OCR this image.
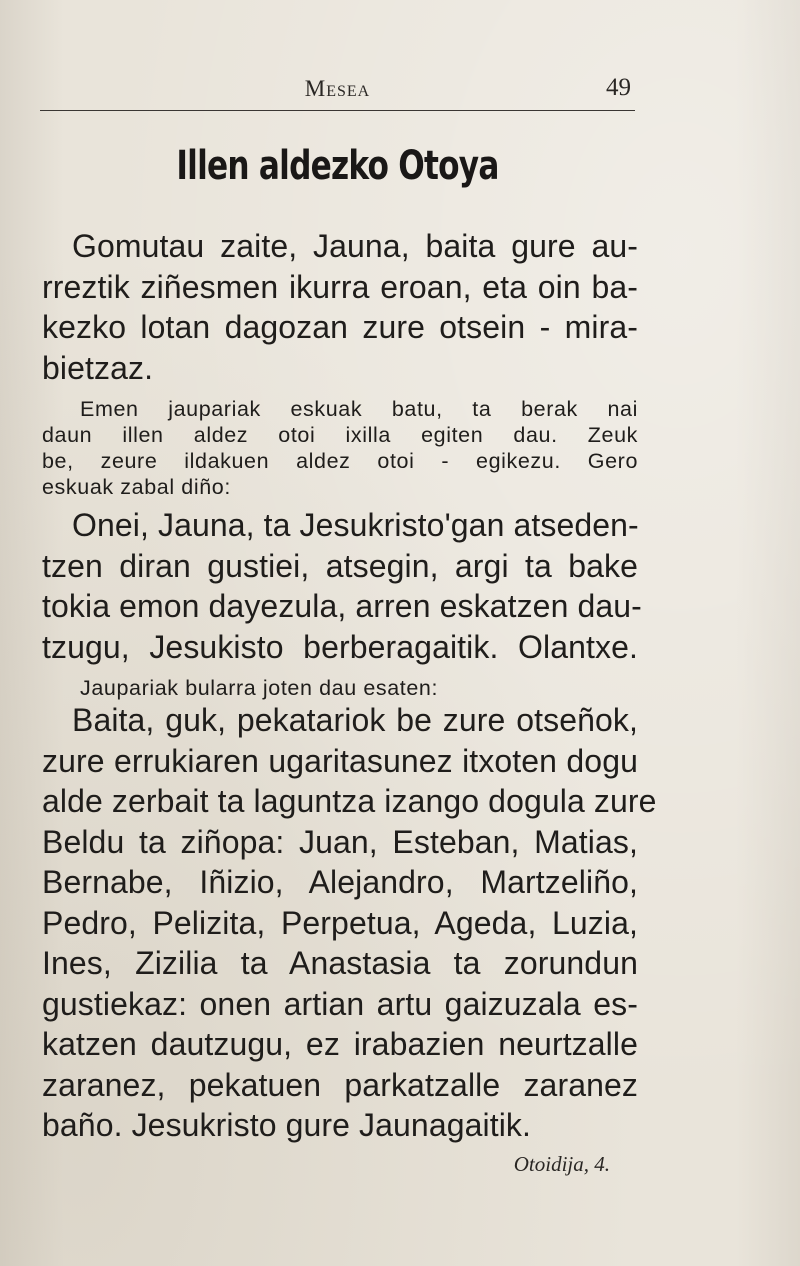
Mesea	49
Illen aldezko Otoya

Gomutau zaite, Jauna, baita gure au-
rreztik ziñesmen ikurra eroan, eta oin ba-
kezko lotan dagozan zure otsein - mira-
bietzaz.

Emen jaupariak eskuak batu, ta berak nai
daun illen aldez otoi ixilla egiten dau. Zeuk
be, zeure ildakuen aldez otoi - egikezu. Gero
eskuak zabal diño:

Onei, Jauna, ta Jesukristo'gan atseden-
tzen diran gustiei, atsegin, argi ta bake
tokia emon dayezula, arren eskatzen dau-
tzugu, Jesukisto berberagaitik. Olantxe.

Jaupariak bularra joten dau esaten:

Baita, guk, pekatariok be zure otseñok,
zure errukiaren ugaritasunez itxoten dogu
alde zerbait ta laguntza izango dogula zure
Beldu ta ziñopa: Juan, Esteban, Matias,
Bernabe, Iñizio, Alejandro, Martzeliño,
Pedro, Pelizita, Perpetua, Ageda, Luzia,
Ines, Zizilia ta Anastasia ta zorundun
gustiekaz: onen artian artu gaizuzala es-
katzen dautzugu, ez irabazien neurtzalle
zaranez, pekatuen parkatzalle zaranez
baño. Jesukristo gure Jaunagaitik.

Otoidija, 4.
